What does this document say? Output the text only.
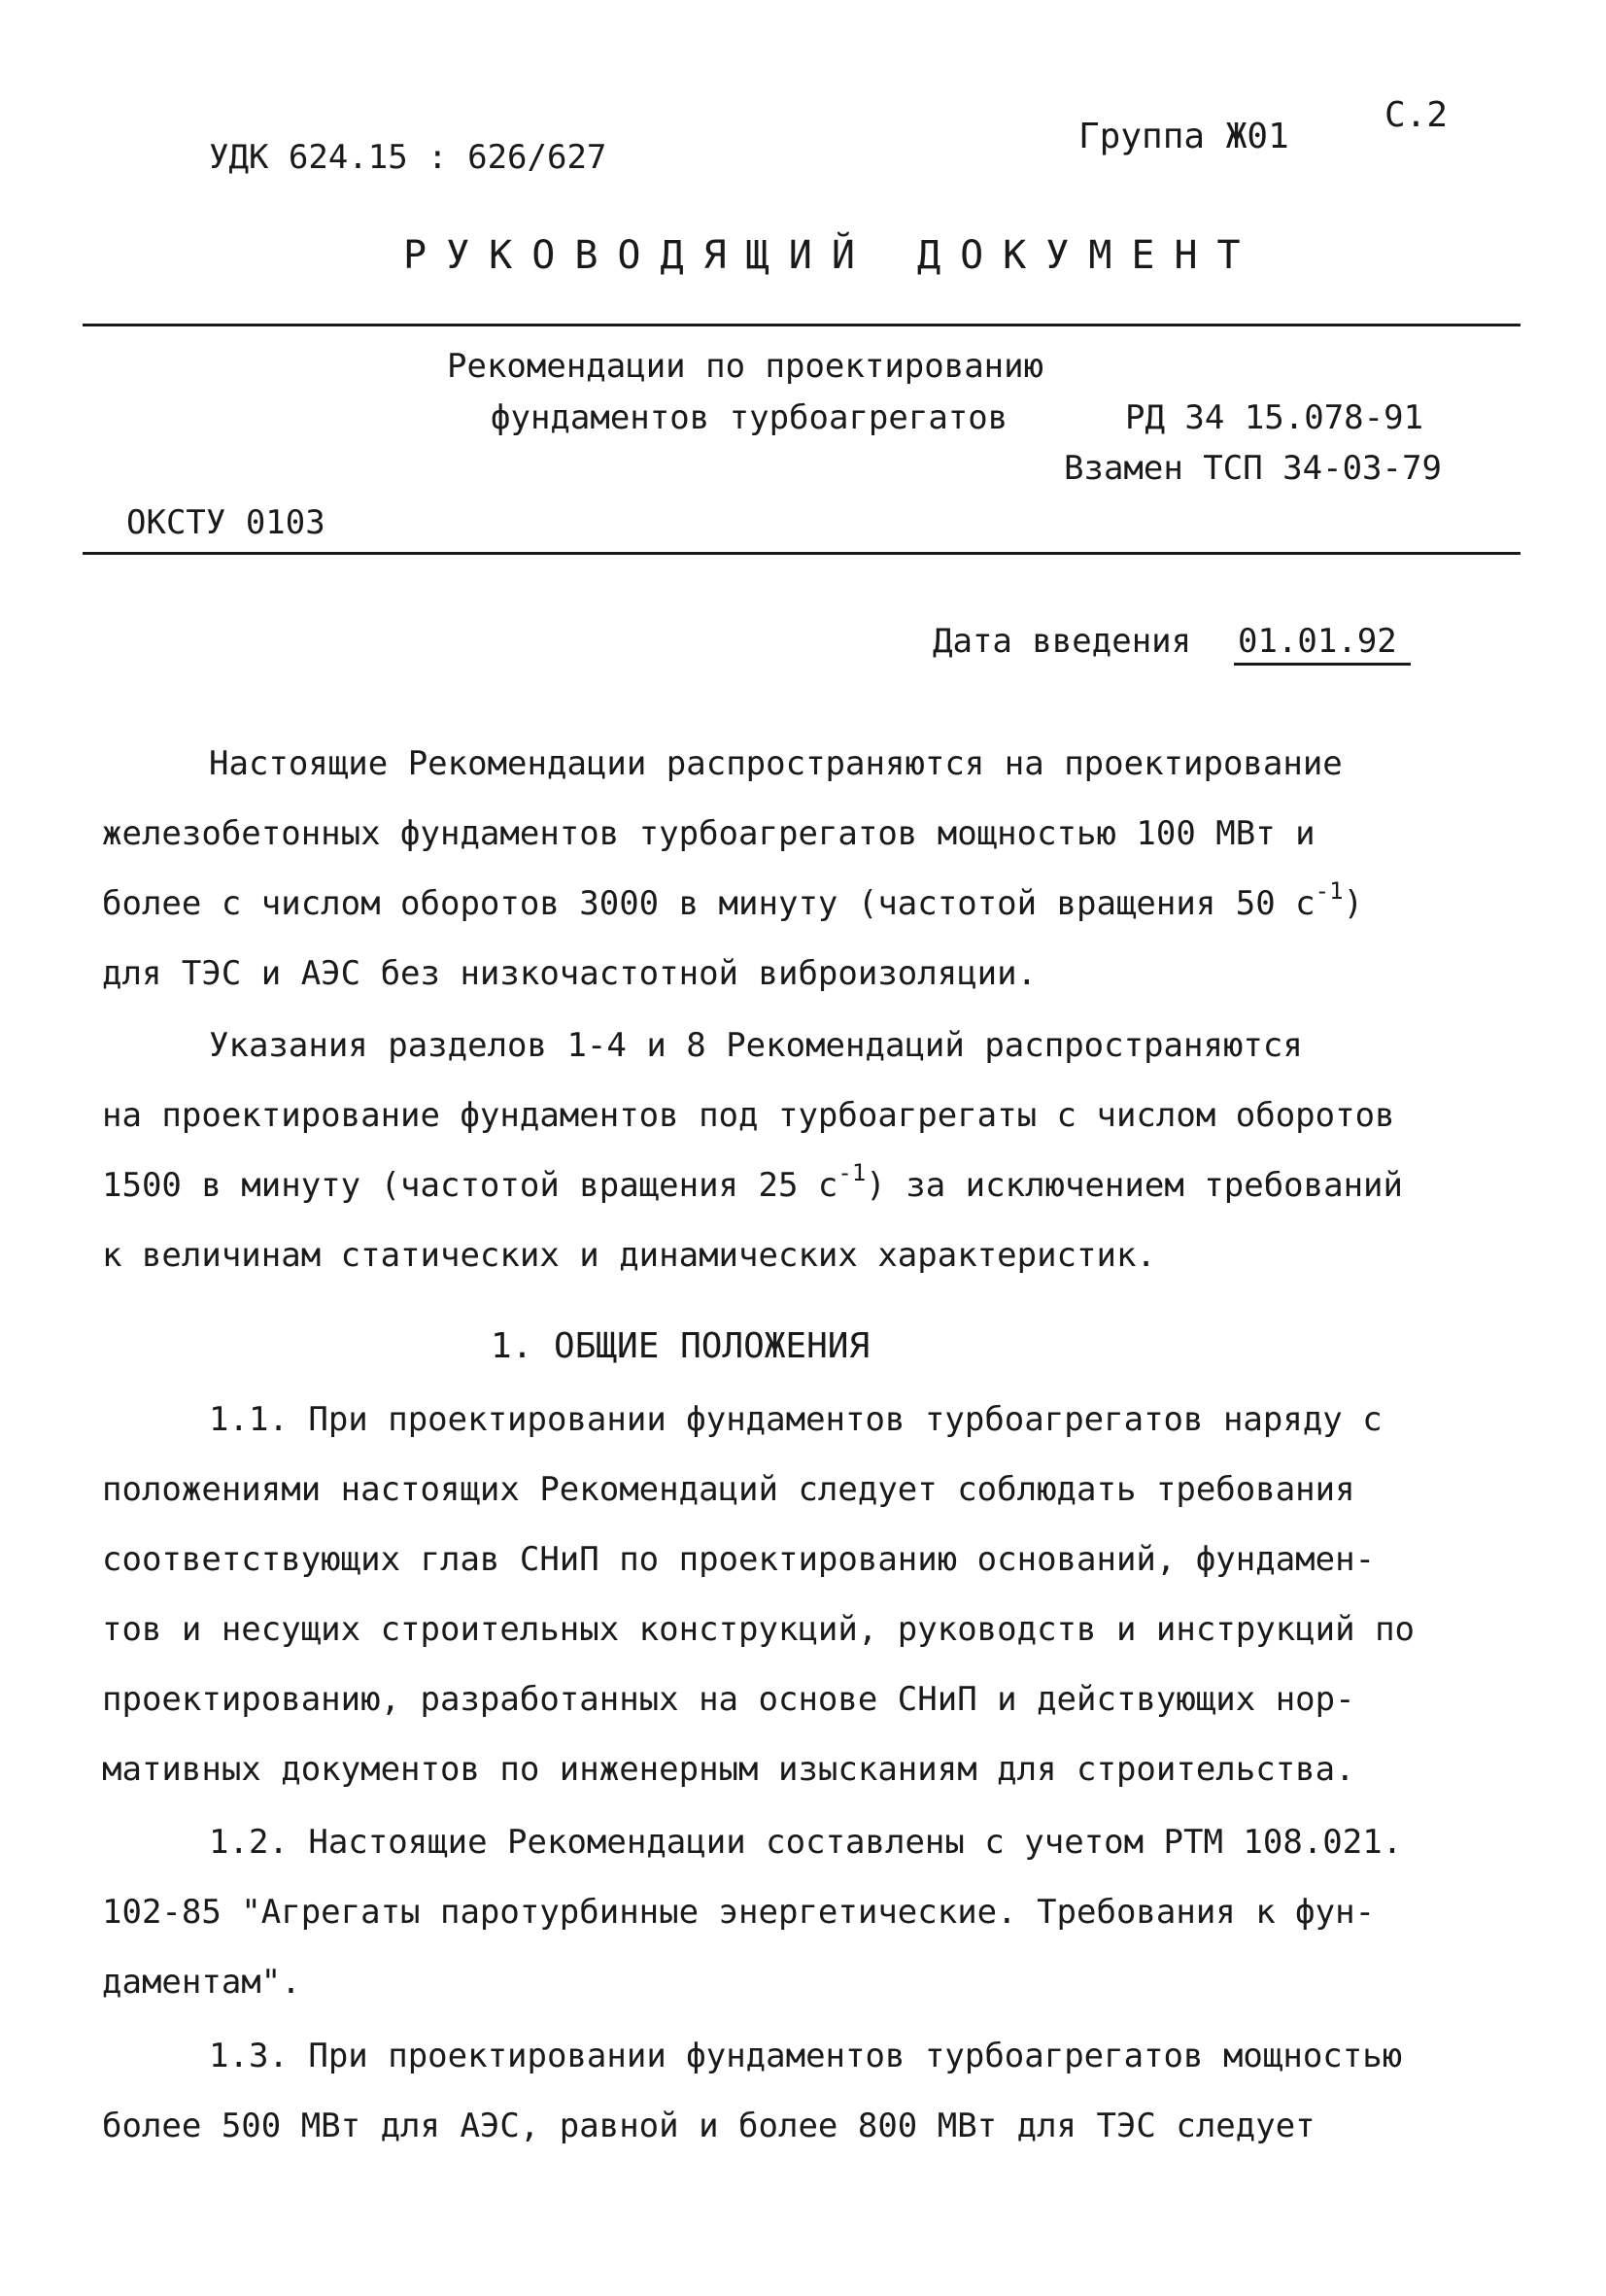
С.2
Группа Ж01
УДК 624.15 : 626/627
РУКОВОДЯЩИЙ ДОКУМЕНТ
Рекомендации по проектированию
фундаментов турбоагрегатов	РД 34 15.078-91
Взамен ТСП 34-03-79
ОКСТУ 0103
Дата введения 01.01.92
Настоящие Рекомендации распространяются на проектирование
железобетонных фундаментов турбоагрегатов мощностью 100 МВт и
более с числом оборотов 3000 в минуту (частотой вращения 50 $с^{-1}$)
для ТЭС и АЭС без низкочастотной виброизоляции.
Указания разделов 1-4 и 8 Рекомендаций распространяются
на проектирование фундаментов под турбоагрегаты с числом оборотов
1500 в минуту (частотой вращения 25 $с^{-1}$) за исключением требований
к величинам статических и динамических характеристик.
1. ОБЩИЕ ПОЛОЖЕНИЯ
1.1. При проектировании фундаментов турбоагрегатов наряду с
положениями настоящих Рекомендаций следует соблюдать требования
соответствующих глав СНиП по проектированию оснований, фундамен-
тов и несущих строительных конструкций, руководств и инструкций по
проектированию, разработанных на основе СНиП и действующих нор-
мативных документов по инженерным изысканиям для строительства.
1.2. Настоящие Рекомендации составлены с учетом РТМ 108.021.
102-85 "Агрегаты паротурбинные энергетические. Требования к фун-
даментам".
1.3. При проектировании фундаментов турбоагрегатов мощностью
более 500 МВт для АЭС, равной и более 800 МВт для ТЭС следует
